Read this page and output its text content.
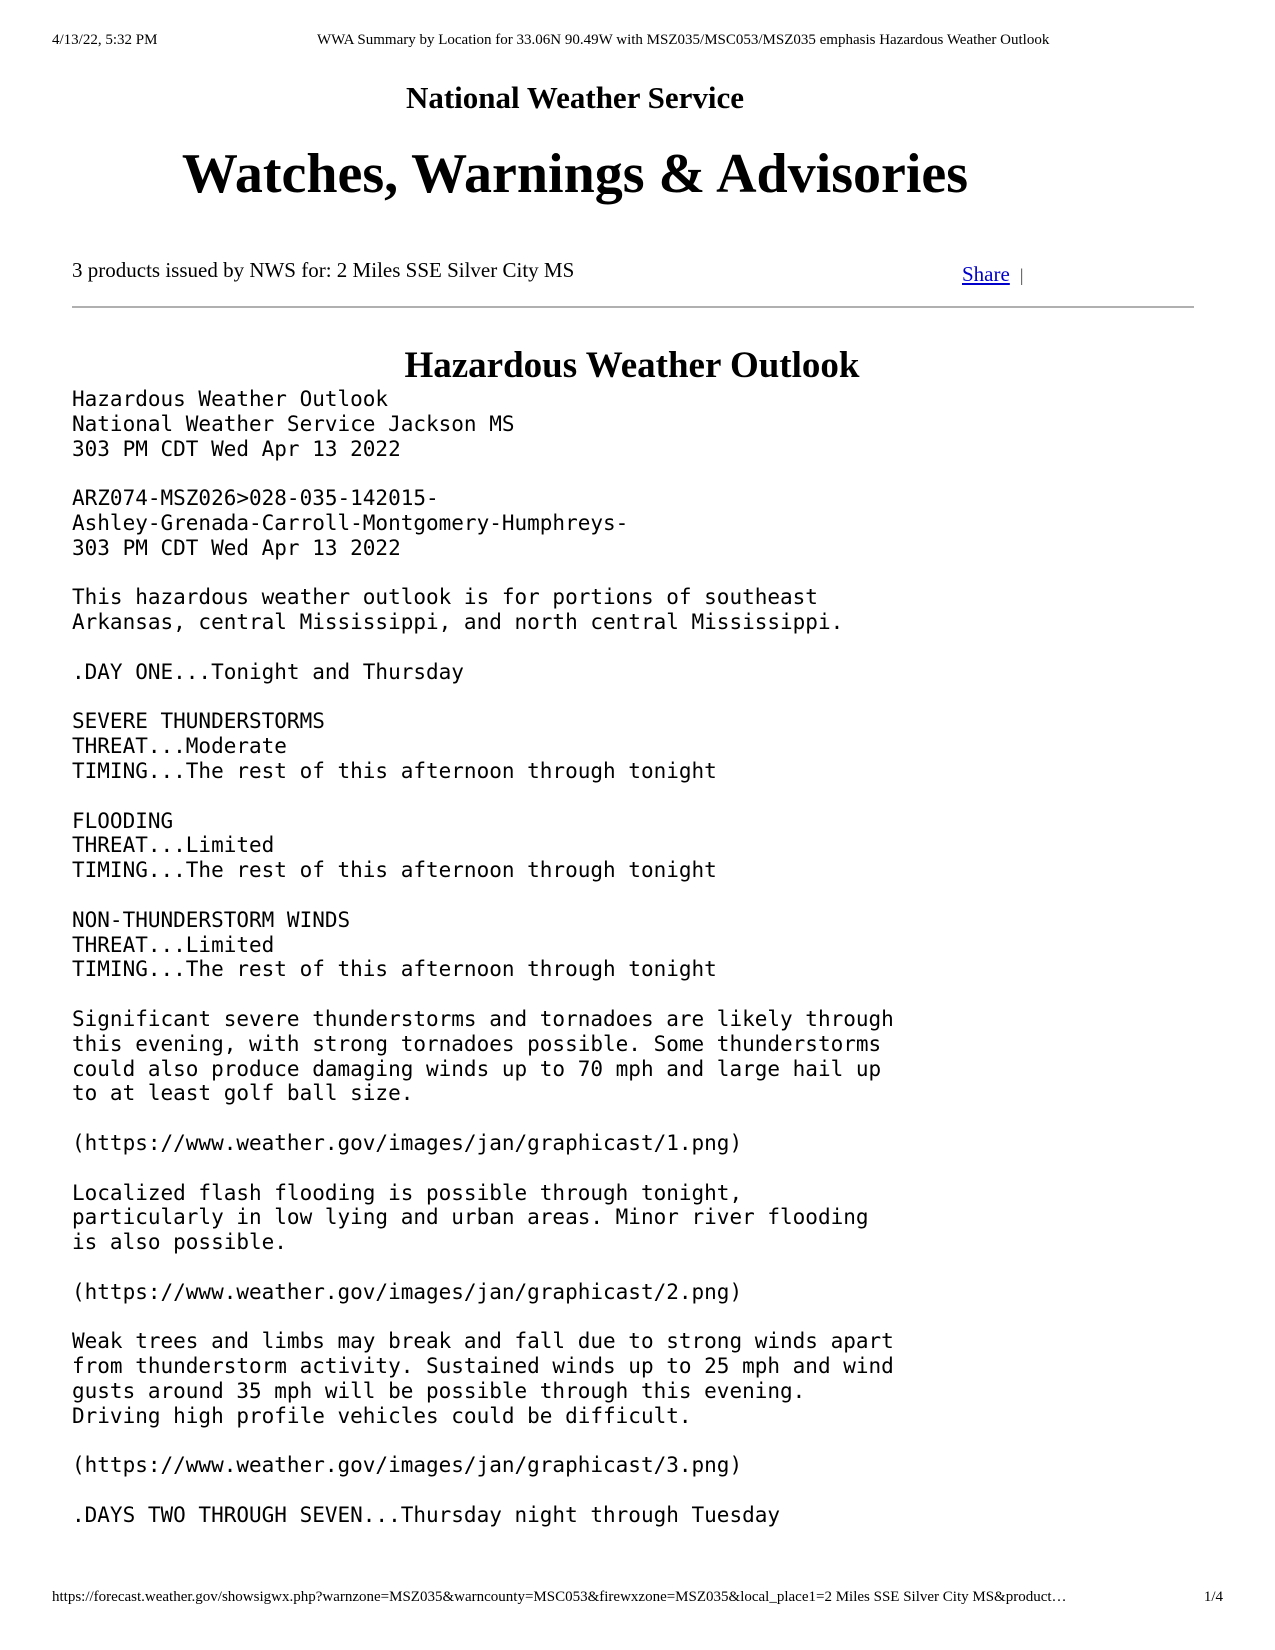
4/13/22, 5:32 PM	WWA Summary by Location for 33.06N 90.49W with MSZ035/MSC053/MSZ035 emphasis Hazardous Weather Outlook
National Weather Service
Watches, Warnings & Advisories
3 products issued by NWS for: 2 Miles SSE Silver City MS	Share |
Hazardous Weather Outlook
Hazardous Weather Outlook
National Weather Service Jackson MS
303 PM CDT Wed Apr 13 2022

ARZ074-MSZ026>028-035-142015-
Ashley-Grenada-Carroll-Montgomery-Humphreys-
303 PM CDT Wed Apr 13 2022

This hazardous weather outlook is for portions of southeast
Arkansas, central Mississippi, and north central Mississippi.

.DAY ONE...Tonight and Thursday

SEVERE THUNDERSTORMS
THREAT...Moderate
TIMING...The rest of this afternoon through tonight

FLOODING
THREAT...Limited
TIMING...The rest of this afternoon through tonight

NON-THUNDERSTORM WINDS
THREAT...Limited
TIMING...The rest of this afternoon through tonight

Significant severe thunderstorms and tornadoes are likely through
this evening, with strong tornadoes possible. Some thunderstorms
could also produce damaging winds up to 70 mph and large hail up
to at least golf ball size.

(https://www.weather.gov/images/jan/graphicast/1.png)

Localized flash flooding is possible through tonight,
particularly in low lying and urban areas. Minor river flooding
is also possible.

(https://www.weather.gov/images/jan/graphicast/2.png)

Weak trees and limbs may break and fall due to strong winds apart
from thunderstorm activity. Sustained winds up to 25 mph and wind
gusts around 35 mph will be possible through this evening.
Driving high profile vehicles could be difficult.

(https://www.weather.gov/images/jan/graphicast/3.png)

.DAYS TWO THROUGH SEVEN...Thursday night through Tuesday
https://forecast.weather.gov/showsigwx.php?warnzone=MSZ035&warncounty=MSC053&firewxzone=MSZ035&local_place1=2 Miles SSE Silver City MS&product…	1/4
